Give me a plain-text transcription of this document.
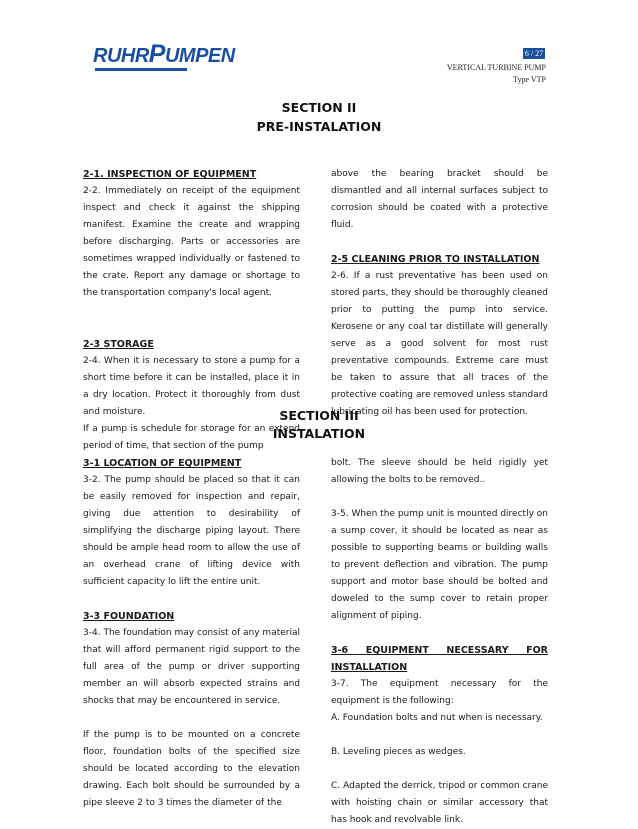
RUHRPUMPEN	6 / 27
VERTICAL TURBINE PUMP
Type VTP
SECTION II
PRE-INSTALATION

2-1. INSPECTION OF EQUIPMENT

2-2. Immediately on receipt of the equipment inspect and check it against the shipping manifest. Examine the create and wrapping before discharging. Parts or accessories are sometimes wrapped individually or fastened to the crate. Report any damage or shortage to the transportation company's local agent.

2-3 STORAGE

2-4. When it is necessary to store a pump for a short time before it can be installed, place it in a dry location. Protect it thoroughly from dust and moisture.

If a pump is schedule for storage for an extend period of time, that section of the pump

above the bearing bracket should be dismantled and all internal surfaces subject to corrosion should be coated with a protective fluid.

2-5 CLEANING PRIOR TO INSTALLATION

2-6. If a rust preventative has been used on stored parts, they should be thoroughly cleaned prior to putting the pump into service. Kerosene or any coal tar distillate will generally serve as a good solvent for most rust preventative compounds. Extreme care must be taken to assure that all traces of the protective coating are removed unless standard lubricating oil has been used for protection.

SECTION III
INSTALATION

3-1 LOCATION OF EQUIPMENT

3-2. The pump should be placed so that it can be easily removed for inspection and repair, giving due attention to desirability of simplifying the discharge piping layout. There should be ample head room to allow the use of an overhead crane of lifting device with sufficient capacity lo lift the entire unit.

3-3 FOUNDATION

3-4. The foundation may consist of any material that will afford permanent rigid support to the full area of the pump or driver supporting member an will absorb expected strains and shocks that may be encountered in service.

If the pump is to be mounted on a concrete floor, foundation bolts of the specified size should be located according to the elevation drawing. Each bolt should be surrounded by a pipe sleeve 2 to 3 times the diameter of the

bolt. The sleeve should be held rigidly yet allowing the bolts to be removed..

3-5. When the pump unit is mounted directly on a sump cover, it should be located as near as possible to supporting beams or building walls to prevent deflection and vibration. The pump support and motor base should be bolted and doweled to the sump cover to retain proper alignment of piping.

3-6 EQUIPMENT NECESSARY FOR INSTALLATION

3-7. The equipment necessary for the equipment is the following:

A. Foundation bolts and nut when is necessary.

B. Leveling pieces as wedges.

C. Adapted the derrick, tripod or common crane with hoisting chain or similar accessory that has hook and revolvable link.
